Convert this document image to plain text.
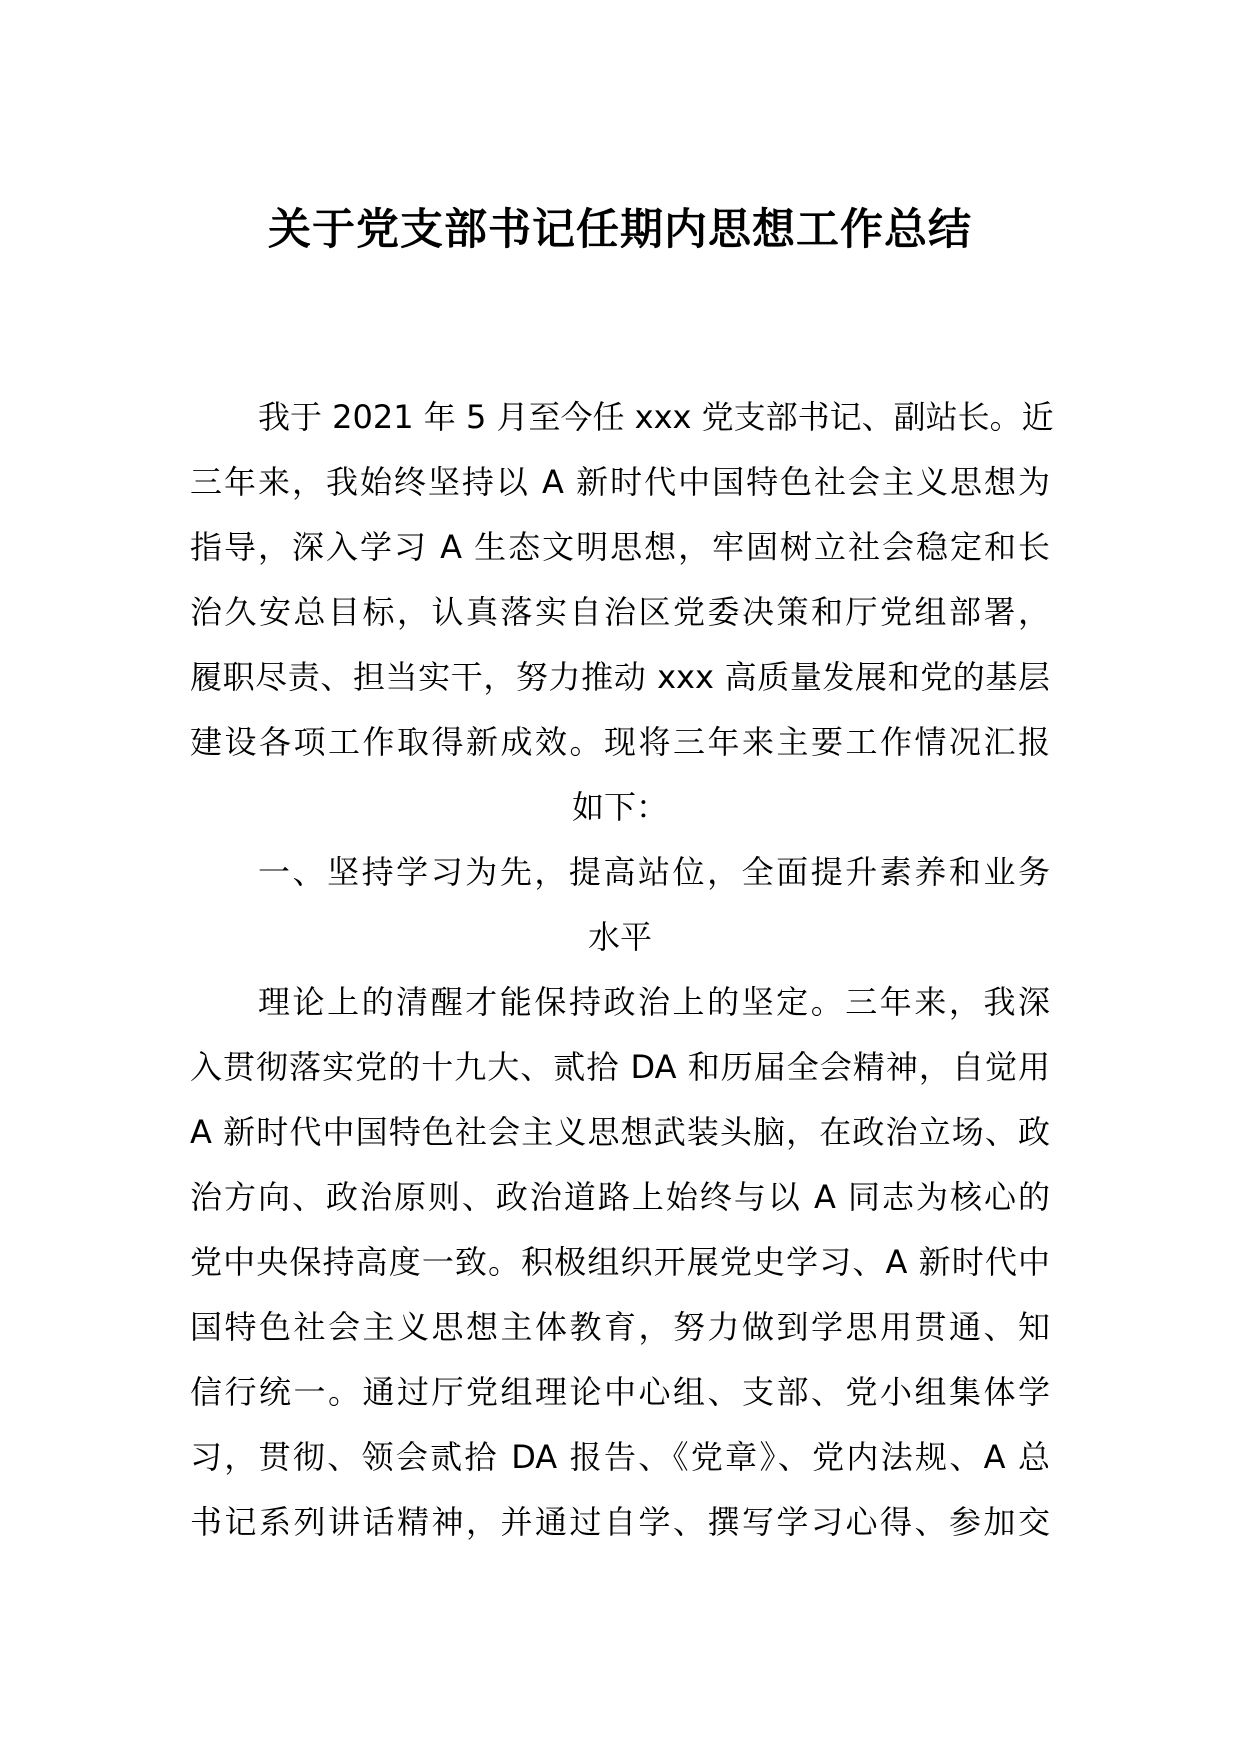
关于党支部书记任期内思想工作总结
我于 2021 年 5 月至今任 xxx 党支部书记、副站长。近
三年来，我始终坚持以 A 新时代中国特色社会主义思想为
指导，深入学习 A 生态文明思想，牢固树立社会稳定和长
治久安总目标，认真落实自治区党委决策和厅党组部署，
履职尽责、担当实干，努力推动 xxx 高质量发展和党的基层
建设各项工作取得新成效。现将三年来主要工作情况汇报
如下：
一、坚持学习为先，提高站位，全面提升素养和业务
水平
理论上的清醒才能保持政治上的坚定。三年来，我深
入贯彻落实党的十九大、贰拾 DA 和历届全会精神，自觉用
A 新时代中国特色社会主义思想武装头脑，在政治立场、政
治方向、政治原则、政治道路上始终与以 A 同志为核心的
党中央保持高度一致。积极组织开展党史学习、A 新时代中
国特色社会主义思想主体教育，努力做到学思用贯通、知
信行统一。通过厅党组理论中心组、支部、党小组集体学
习，贯彻、领会贰拾 DA 报告、《党章》、党内法规、A 总
书记系列讲话精神，并通过自学、撰写学习心得、参加交
